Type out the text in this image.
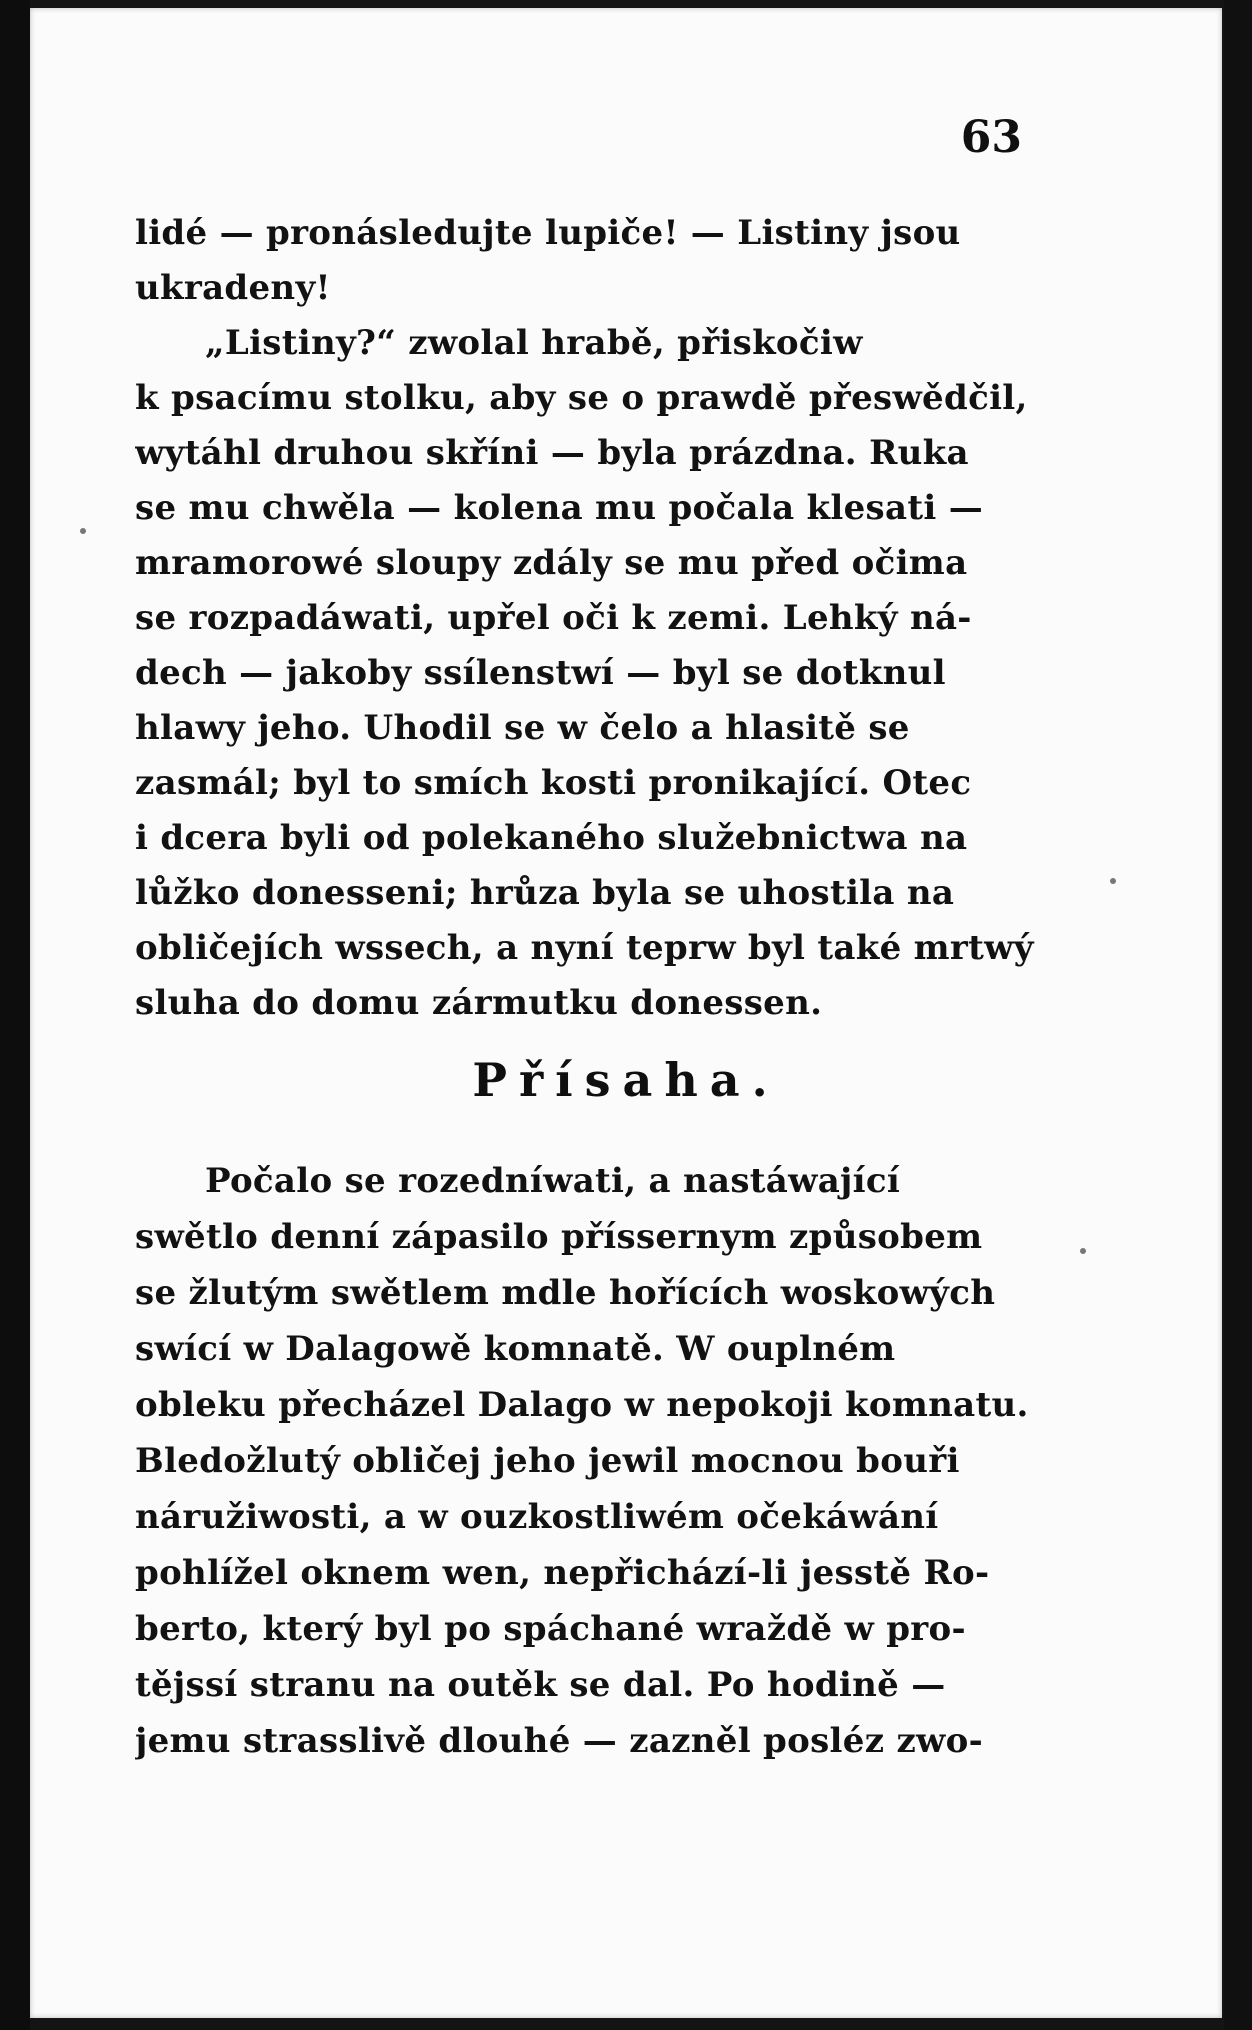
63
lidé — pronásledujte lupiče! — Listiny jsou
ukradeny!
„Listiny?“ zwolal hrabě, přiskočiw
k psacímu stolku, aby se o prawdě přeswědčil,
wytáhl druhou skříni — byla prázdna. Ruka
se mu chwěla — kolena mu počala klesati —
mramorowé sloupy zdály se mu před očima
se rozpadáwati, upřel oči k zemi. Lehký ná-
dech — jakoby ssílenstwí — byl se dotknul
hlawy jeho. Uhodil se w čelo a hlasitě se
zasmál; byl to smích kosti pronikající. Otec
i dcera byli od polekaného služebnictwa na
lůžko donesseni; hrůza byla se uhostila na
obličejích wssech, a nyní teprw byl také mrtwý
sluha do domu zármutku donessen.
Přísaha.
Počalo se rozedníwati, a nastáwající
swětlo denní zápasilo příssernym způsobem
se žlutým swětlem mdle hořících woskowých
swící w Dalagowě komnatě. W ouplném
obleku přecházel Dalago w nepokoji komnatu.
Bledožlutý obličej jeho jewil mocnou bouři
náružiwosti, a w ouzkostliwém očekáwání
pohlížel oknem wen, nepřichází-li jesstě Ro-
berto, který byl po spáchané wraždě w pro-
tějssí stranu na outěk se dal. Po hodině —
jemu strasslivě dlouhé — zazněl posléz zwo-
